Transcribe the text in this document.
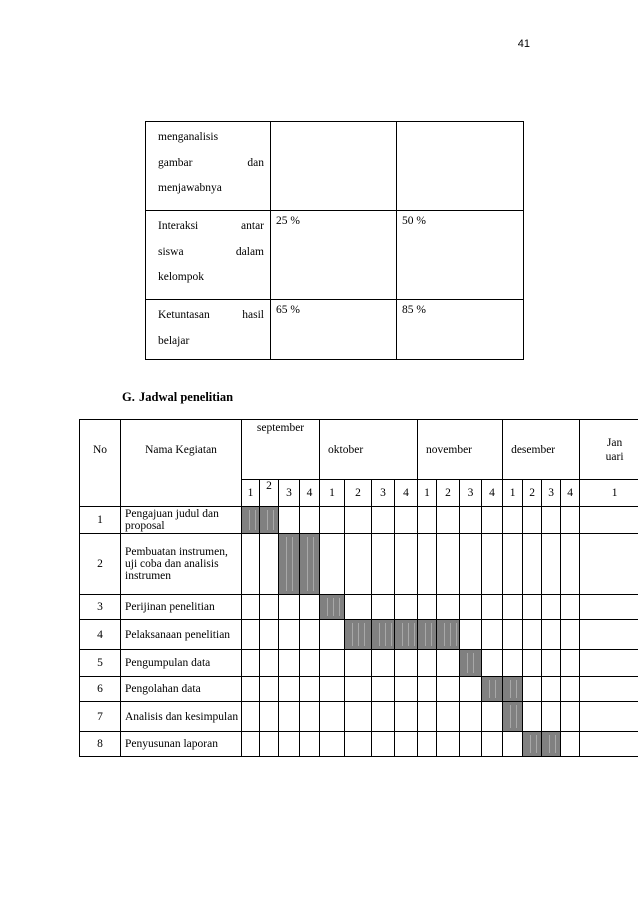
41
menganalisis
gambar dan
menjawabnya		

Interaksi antar
siswa dalam
kelompok	25 %	50 %

Ketuntasan hasil
belajar	65 %	85 %
G. Jadwal penelitian
No	Nama Kegiatan	september				oktober				november				desember				Jan uari
		1	2	3	4	1	2	3	4	1	2	3	4	1	2	3	4	1
1	Pengajuan judul dan proposal																	
2	Pembuatan instrumen, uji coba dan analisis instrumen																	
3	Perijinan penelitian																	
4	Pelaksanaan penelitian																	
5	Pengumpulan data																	
6	Pengolahan data																	
7	Analisis dan kesimpulan																	
8	Penyusunan laporan																	
